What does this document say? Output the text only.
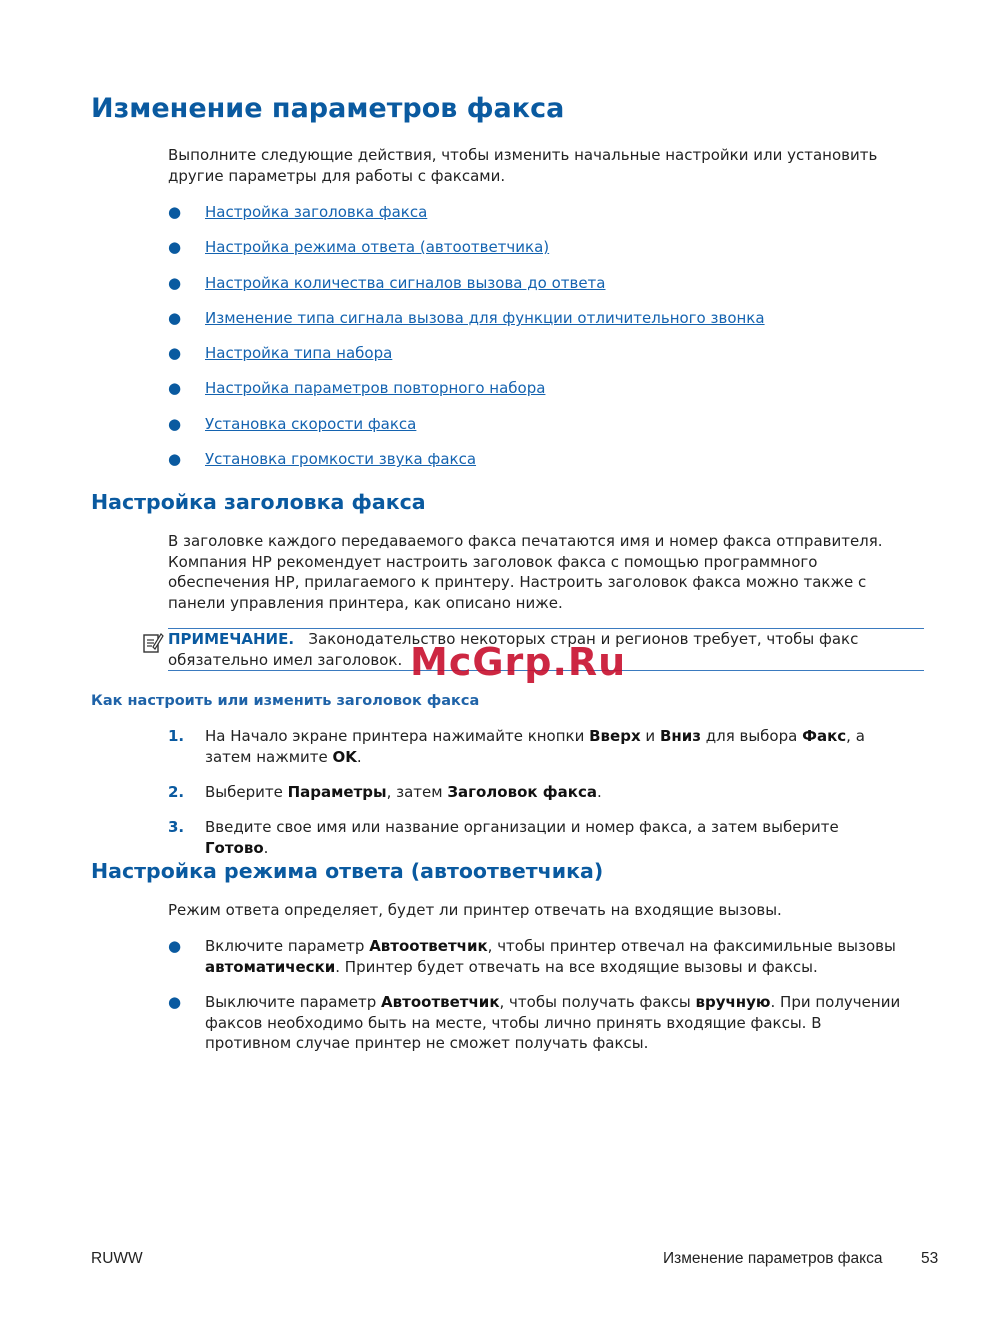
Изменение параметров факса

Выполните следующие действия, чтобы изменить начальные настройки или установить другие параметры для работы с факсами.

● Настройка заголовка факса
● Настройка режима ответа (автоответчика)
● Настройка количества сигналов вызова до ответа
● Изменение типа сигнала вызова для функции отличительного звонка
● Настройка типа набора
● Настройка параметров повторного набора
● Установка скорости факса
● Установка громкости звука факса
Настройка заголовка факса

В заголовке каждого передаваемого факса печатаются имя и номер факса отправителя. Компания HP рекомендует настроить заголовок факса с помощью программного обеспечения HP, прилагаемого к принтеру. Настроить заголовок факса можно также с панели управления принтера, как описано ниже.

ПРИМЕЧАНИЕ. Законодательство некоторых стран и регионов требует, чтобы факс обязательно имел заголовок. McGrp.Ru
Как настроить или изменить заголовок факса
1. На Начало экране принтера нажимайте кнопки Вверх и Вниз для выбора Факс, а затем нажмите OK.
2. Выберите Параметры, затем Заголовок факса.
3. Введите свое имя или название организации и номер факса, а затем выберите Готово.
Настройка режима ответа (автоответчика)

Режим ответа определяет, будет ли принтер отвечать на входящие вызовы.

● Включите параметр Автоответчик, чтобы принтер отвечал на факсимильные вызовы автоматически. Принтер будет отвечать на все входящие вызовы и факсы.
● Выключите параметр Автоответчик, чтобы получать факсы вручную. При получении факсов необходимо быть на месте, чтобы лично принять входящие факсы. В противном случае принтер не сможет получать факсы.
RUWW	Изменение параметров факса 53
